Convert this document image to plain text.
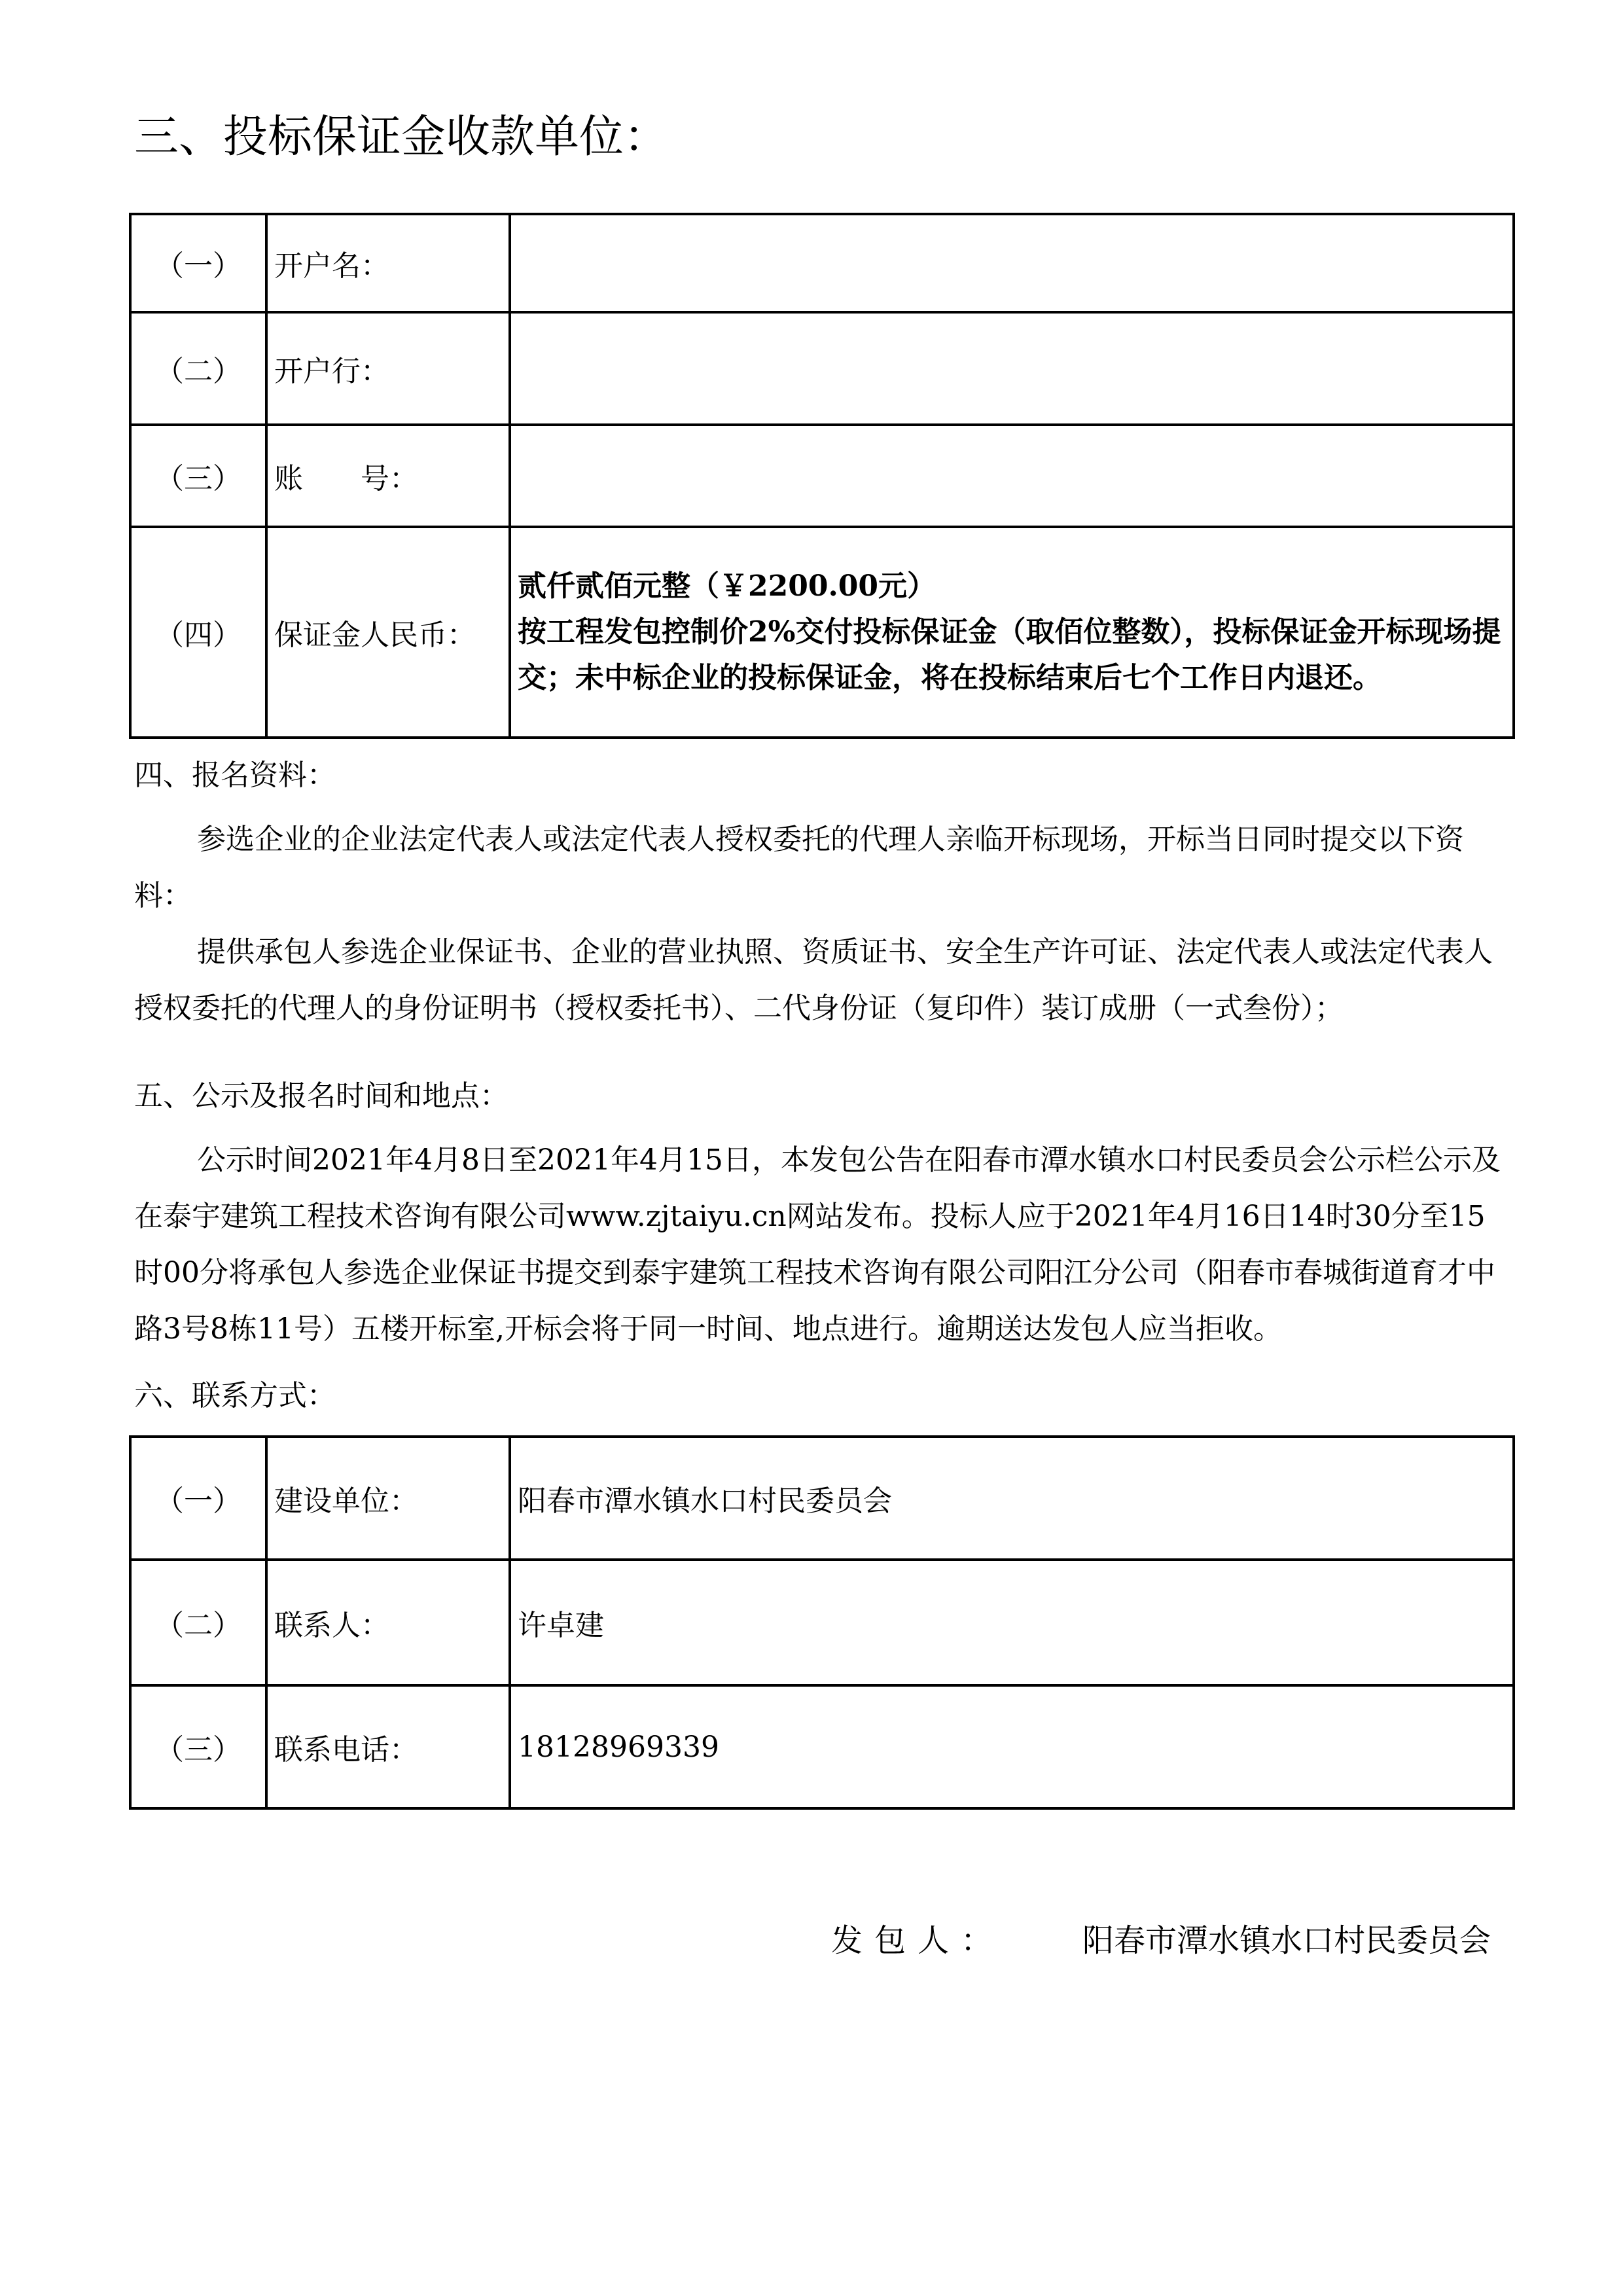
三、投标保证金收款单位：
（一）	开户名：	
（二）	开户行：	
（三）	账　　号：	
（四）	保证金人民币：	贰仟贰佰元整（￥2200.00元）
按工程发包控制价2%交付投标保证金（取佰位整数），投标保证金开标现场提交；未中标企业的投标保证金，将在投标结束后七个工作日内退还。
四、报名资料：
参选企业的企业法定代表人或法定代表人授权委托的代理人亲临开标现场，开标当日同时提交以下资料：
提供承包人参选企业保证书、企业的营业执照、资质证书、安全生产许可证、法定代表人或法定代表人授权委托的代理人的身份证明书（授权委托书）、二代身份证（复印件）装订成册（一式叁份）；
五、公示及报名时间和地点：
公示时间2021年4月8日至2021年4月15日，本发包公告在阳春市潭水镇水口村民委员会公示栏公示及在泰宇建筑工程技术咨询有限公司www.zjtaiyu.cn网站发布。投标人应于2021年4月16日14时30分至15时00分将承包人参选企业保证书提交到泰宇建筑工程技术咨询有限公司阳江分公司（阳春市春城街道育才中路3号8栋11号）五楼开标室,开标会将于同一时间、地点进行。逾期送达发包人应当拒收。
六、联系方式：
（一）	建设单位：	阳春市潭水镇水口村民委员会
（二）	联系人：	许卓建
（三）	联系电话：	18128969339
发包人：	阳春市潭水镇水口村民委员会
